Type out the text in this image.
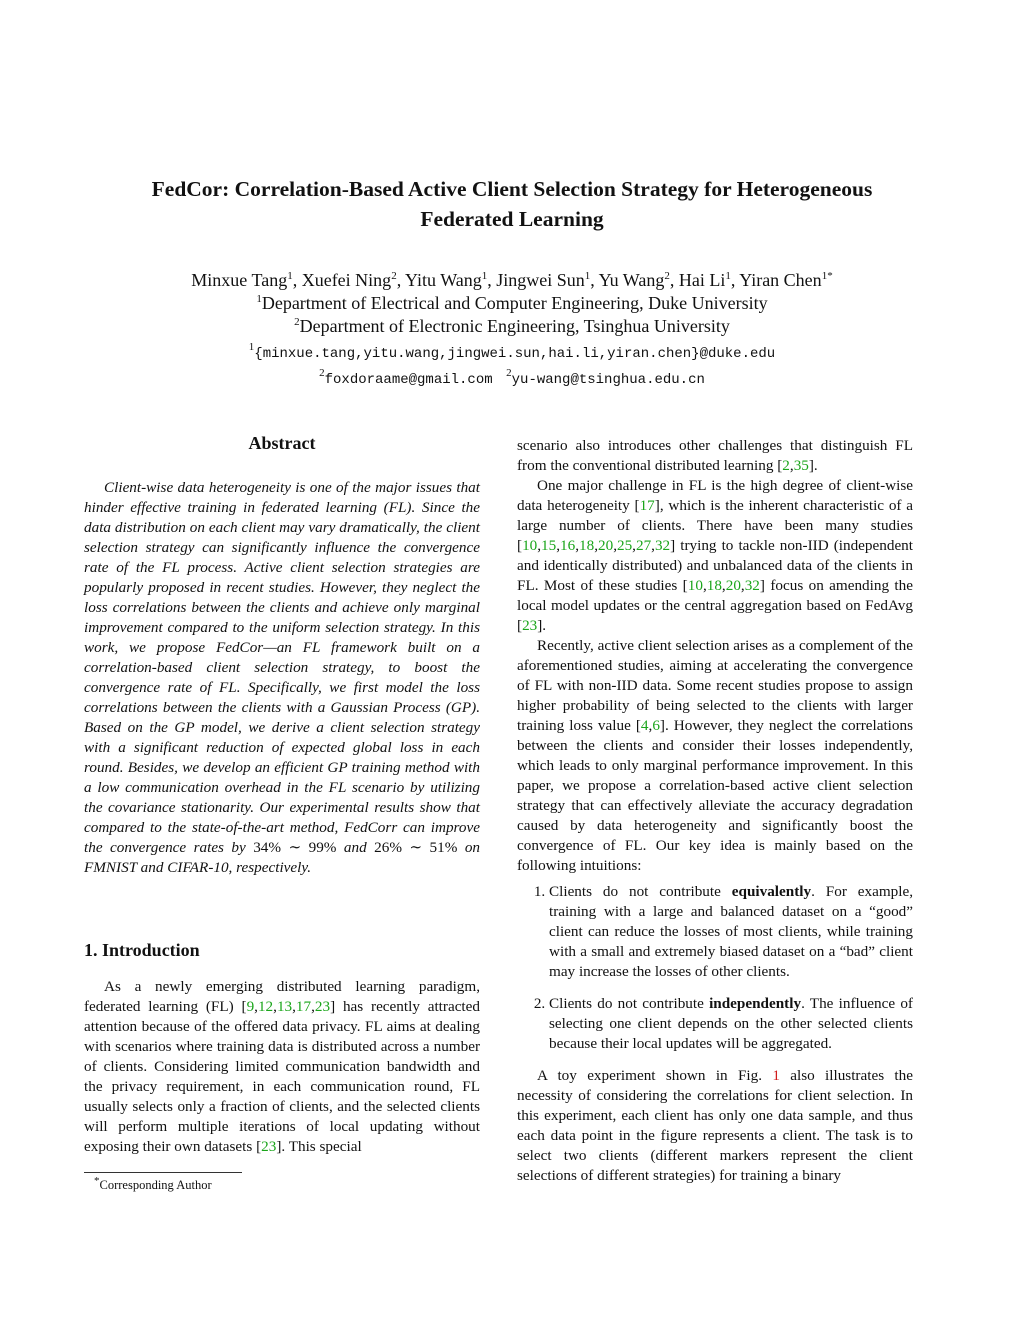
FedCor: Correlation-Based Active Client Selection Strategy for Heterogeneous
Federated Learning
Minxue Tang$^1$, Xuefei Ning$^2$, Yitu Wang$^1$, Jingwei Sun$^1$, Yu Wang$^2$, Hai Li$^1$, Yiran Chen$^{1*}$
$^1$Department of Electrical and Computer Engineering, Duke University
$^2$Department of Electronic Engineering, Tsinghua University
$^1${minxue.tang,yitu.wang,jingwei.sun,hai.li,yiran.chen}@duke.edu
$^2$foxdoraame@gmail.com $^2$yu-wang@tsinghua.edu.cn
Abstract

Client-wise data heterogeneity is one of the major issues that hinder effective training in federated learning (FL). Since the data distribution on each client may vary dramatically, the client selection strategy can significantly influence the convergence rate of the FL process. Active client selection strategies are popularly proposed in recent studies. However, they neglect the loss correlations between the clients and achieve only marginal improvement compared to the uniform selection strategy. In this work, we propose FedCor—an FL framework built on a correlation-based client selection strategy, to boost the convergence rate of FL. Specifically, we first model the loss correlations between the clients with a Gaussian Process (GP). Based on the GP model, we derive a client selection strategy with a significant reduction of expected global loss in each round. Besides, we develop an efficient GP training method with a low communication overhead in the FL scenario by utilizing the covariance stationarity. Our experimental results show that compared to the state-of-the-art method, FedCorr can improve the convergence rates by 34% ∼ 99% and 26% ∼ 51% on FMNIST and CIFAR-10, respectively.

1. Introduction

As a newly emerging distributed learning paradigm, federated learning (FL) [9,12,13,17,23] has recently attracted attention because of the offered data privacy. FL aims at dealing with scenarios where training data is distributed across a number of clients. Considering limited communication bandwidth and the privacy requirement, in each communication round, FL usually selects only a fraction of clients, and the selected clients will perform multiple iterations of local updating without exposing their own datasets [23]. This special

*Corresponding Author

scenario also introduces other challenges that distinguish FL from the conventional distributed learning [2,35].

One major challenge in FL is the high degree of client-wise data heterogeneity [17], which is the inherent characteristic of a large number of clients. There have been many studies [10,15,16,18,20,25,27,32] trying to tackle non-IID (independent and identically distributed) and unbalanced data of the clients in FL. Most of these studies [10,18,20,32] focus on amending the local model updates or the central aggregation based on FedAvg [23].

Recently, active client selection arises as a complement of the aforementioned studies, aiming at accelerating the convergence of FL with non-IID data. Some recent studies propose to assign higher probability of being selected to the clients with larger training loss value [4,6]. However, they neglect the correlations between the clients and consider their losses independently, which leads to only marginal performance improvement. In this paper, we propose a correlation-based active client selection strategy that can effectively alleviate the accuracy degradation caused by data heterogeneity and significantly boost the convergence of FL. Our key idea is mainly based on the following intuitions:

1. Clients do not contribute equivalently. For example, training with a large and balanced dataset on a “good” client can reduce the losses of most clients, while training with a small and extremely biased dataset on a “bad” client may increase the losses of other clients.
2. Clients do not contribute independently. The influence of selecting one client depends on the other selected clients because their local updates will be aggregated.

A toy experiment shown in Fig. 1 also illustrates the necessity of considering the correlations for client selection. In this experiment, each client has only one data sample, and thus each data point in the figure represents a client. The task is to select two clients (different markers represent the client selections of different strategies) for training a binary
